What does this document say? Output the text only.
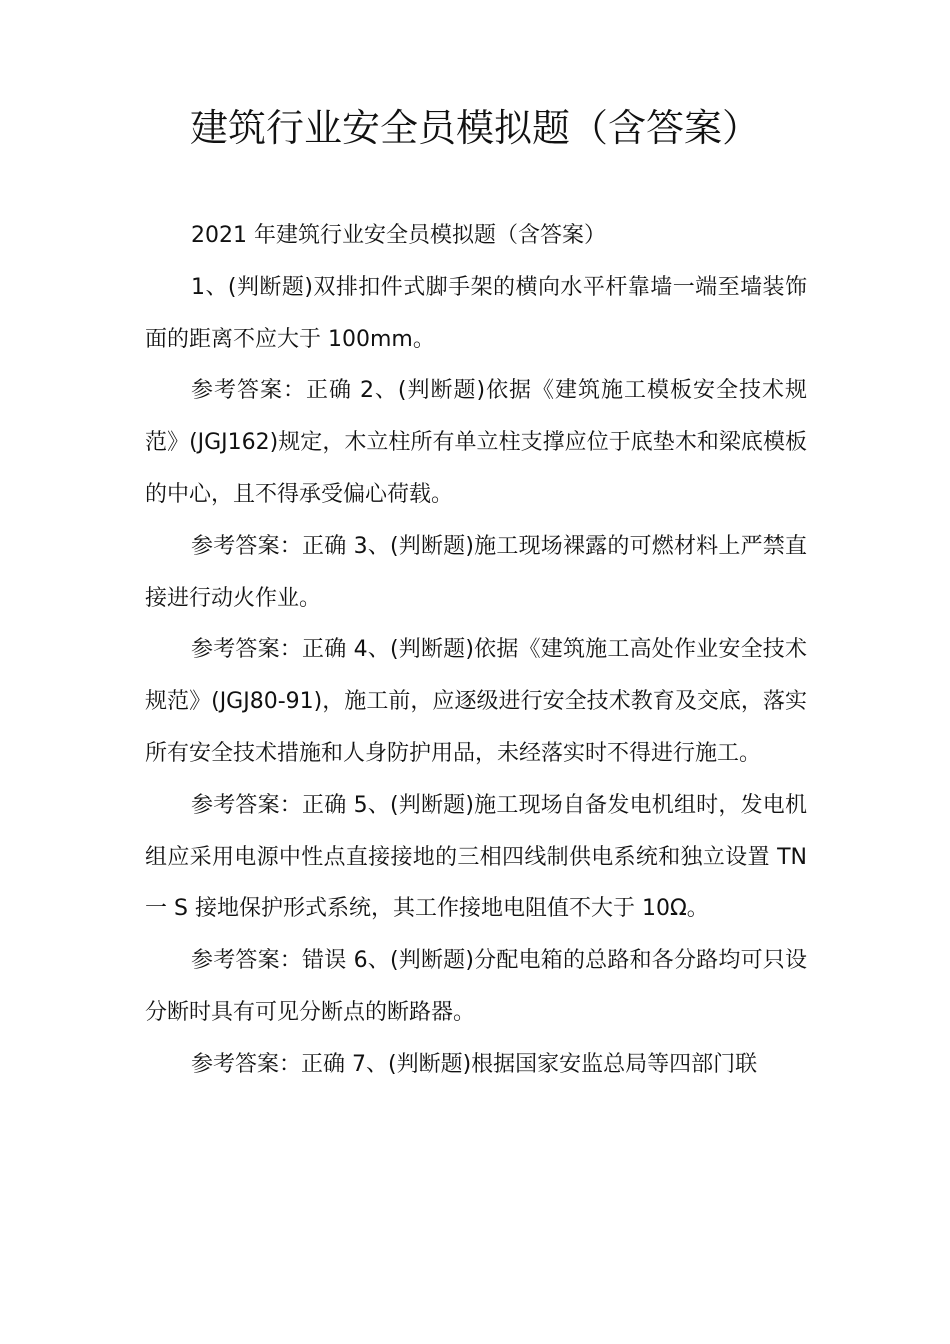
建筑行业安全员模拟题（含答案）

2021 年建筑行业安全员模拟题（含答案）

1、(判断题)双排扣件式脚手架的横向水平杆靠墙一端至墙装饰面的距离不应大于 100mm。

参考答案：正确 2、(判断题)依据《建筑施工模板安全技术规范》(JGJ162)规定，木立柱所有单立柱支撑应位于底垫木和梁底模板的中心，且不得承受偏心荷载。

参考答案：正确 3、(判断题)施工现场裸露的可燃材料上严禁直接进行动火作业。

参考答案：正确 4、(判断题)依据《建筑施工高处作业安全技术规范》(JGJ80-91)，施工前，应逐级进行安全技术教育及交底，落实所有安全技术措施和人身防护用品，未经落实时不得进行施工。

参考答案：正确 5、(判断题)施工现场自备发电机组时，发电机组应采用电源中性点直接接地的三相四线制供电系统和独立设置 TN 一 S 接地保护形式系统，其工作接地电阻值不大于 10Ω。

参考答案：错误 6、(判断题)分配电箱的总路和各分路均可只设分断时具有可见分断点的断路器。

参考答案：正确 7、(判断题)根据国家安监总局等四部门联
